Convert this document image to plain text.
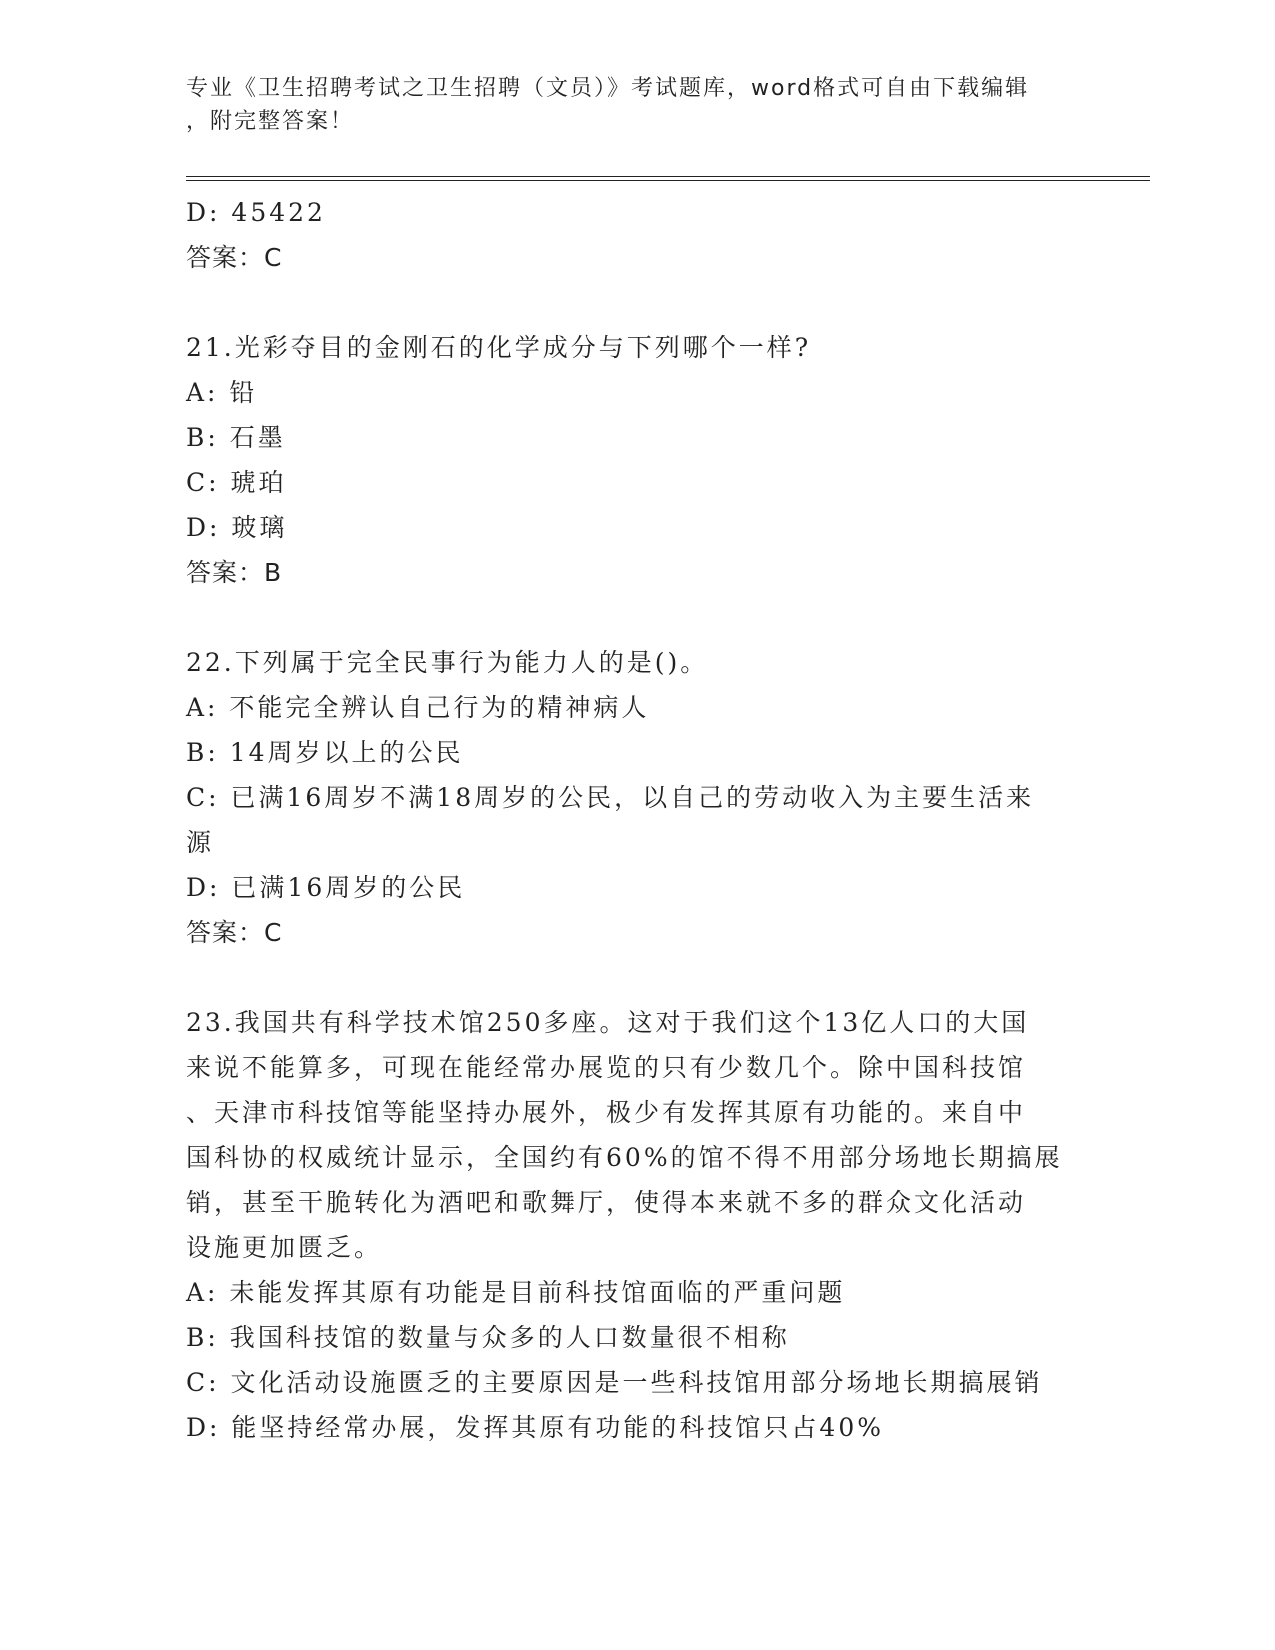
专业《卫生招聘考试之卫生招聘（文员）》考试题库，word格式可自由下载编辑
，附完整答案！
D: 45422
答案：C
21.光彩夺目的金刚石的化学成分与下列哪个一样?
A: 铅
B: 石墨
C: 琥珀
D: 玻璃
答案：B
22.下列属于完全民事行为能力人的是()。
A: 不能完全辨认自己行为的精神病人
B: 14周岁以上的公民
C: 已满16周岁不满18周岁的公民，以自己的劳动收入为主要生活来
源
D: 已满16周岁的公民
答案：C
23.我国共有科学技术馆250多座。这对于我们这个13亿人口的大国
来说不能算多，可现在能经常办展览的只有少数几个。除中国科技馆
、天津市科技馆等能坚持办展外，极少有发挥其原有功能的。来自中
国科协的权威统计显示，全国约有60%的馆不得不用部分场地长期搞展
销，甚至干脆转化为酒吧和歌舞厅，使得本来就不多的群众文化活动
设施更加匮乏。
A: 未能发挥其原有功能是目前科技馆面临的严重问题
B: 我国科技馆的数量与众多的人口数量很不相称
C: 文化活动设施匮乏的主要原因是一些科技馆用部分场地长期搞展销
D: 能坚持经常办展，发挥其原有功能的科技馆只占40%
